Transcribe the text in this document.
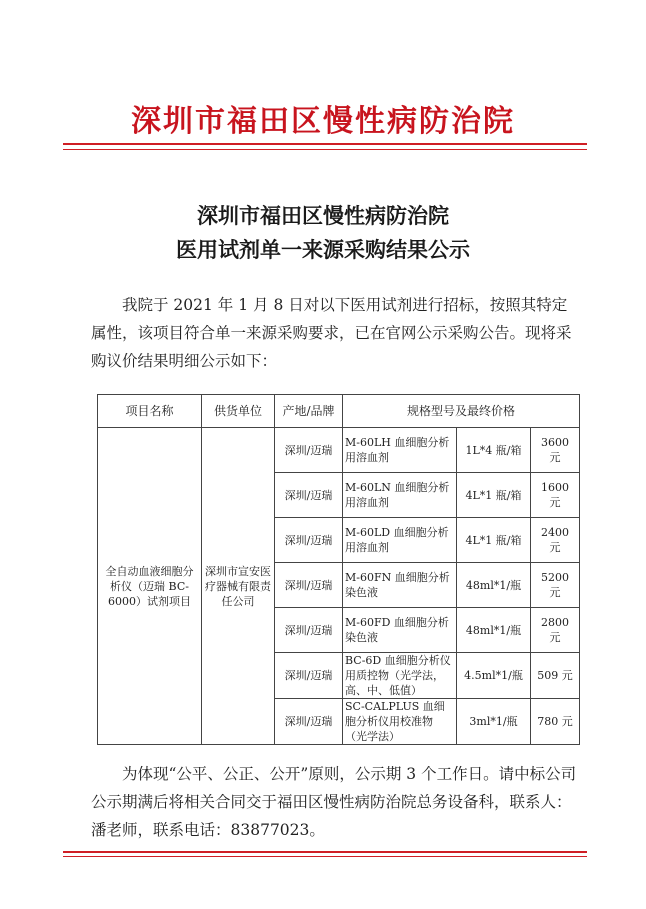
深圳市福田区慢性病防治院
深圳市福田区慢性病防治院
医用试剂单一来源采购结果公示

我院于 2021 年 1 月 8 日对以下医用试剂进行招标，按照其特定属性，该项目符合单一来源采购要求，已在官网公示采购公告。现将采购议价结果明细公示如下：

项目名称	供货单位	产地/品牌	规格型号及最终价格		
全自动血液细胞分析仪（迈瑞 BC-6000）试剂项目	深圳市宣安医疗器械有限责任公司	深圳/迈瑞	M-60LH 血细胞分析用溶血剂	1L*4 瓶/箱	3600 元
		深圳/迈瑞	M-60LN 血细胞分析用溶血剂	4L*1 瓶/箱	1600 元
		深圳/迈瑞	M-60LD 血细胞分析用溶血剂	4L*1 瓶/箱	2400 元
		深圳/迈瑞	M-60FN 血细胞分析染色液	48ml*1/瓶	5200 元
		深圳/迈瑞	M-60FD 血细胞分析染色液	48ml*1/瓶	2800 元
		深圳/迈瑞	BC-6D 血细胞分析仪用质控物（光学法，高、中、低值）	4.5ml*1/瓶	509 元
		深圳/迈瑞	SC-CALPLUS 血细胞分析仪用校准物（光学法）	3ml*1/瓶	780 元

为体现“公平、公正、公开”原则，公示期 3 个工作日。请中标公司公示期满后将相关合同交于福田区慢性病防治院总务设备科，联系人：潘老师，联系电话：83877023。
